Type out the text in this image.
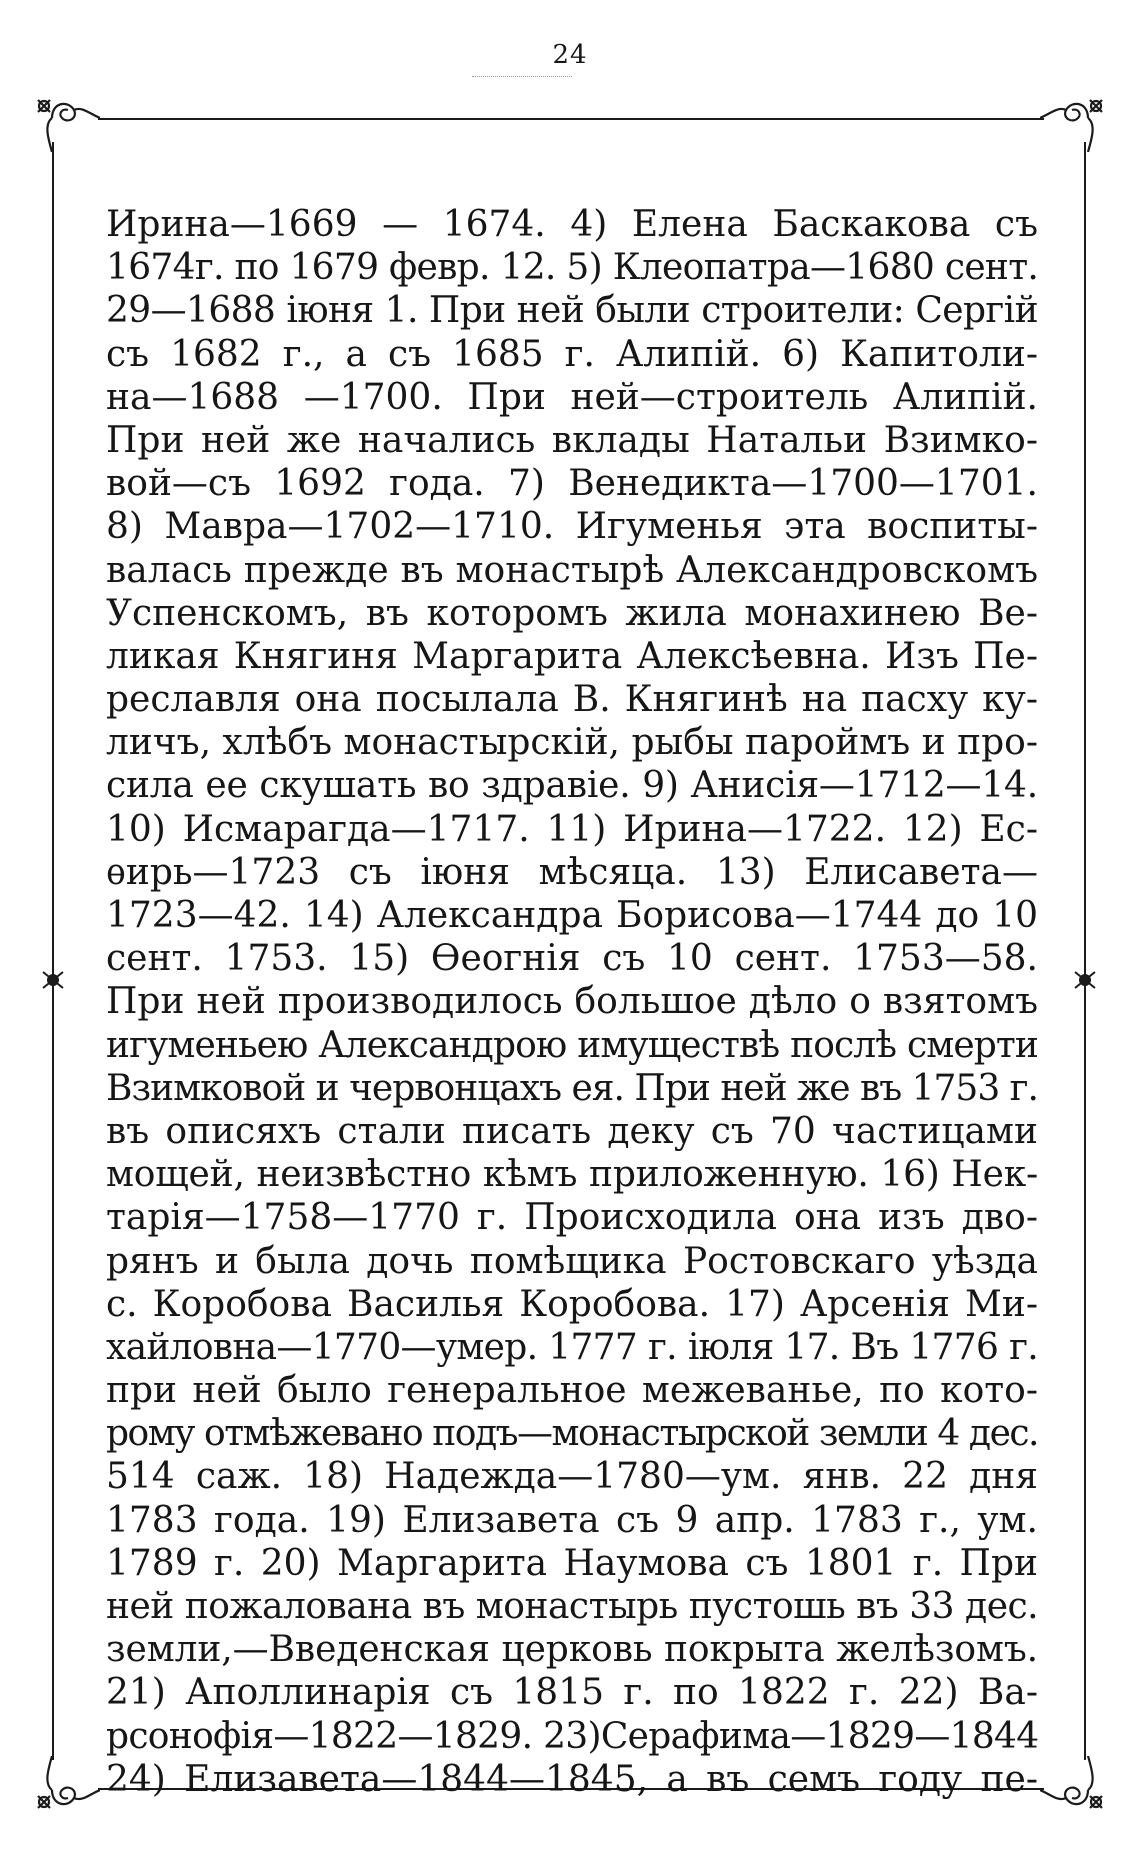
24
Ирина—1669 — 1674. 4) Елена Баскакова съ
1674г. по 1679 февр. 12. 5) Клеопатра—1680 сент.
29—1688 іюня 1. При ней были строители: Сергій
съ 1682 г., а съ 1685 г. Алипій. 6) Капитоли-
на—1688 —1700. При ней—строитель Алипій.
При ней же начались вклады Натальи Взимко-
вой—съ 1692 года. 7) Венедикта—1700—1701.
8) Мавра—1702—1710. Игуменья эта воспиты-
валась прежде въ монастырѣ Александровскомъ
Успенскомъ, въ которомъ жила монахинею Ве-
ликая Княгиня Маргарита Алексѣевна. Изъ Пе-
реславля она посылала В. Княгинѣ на пасху ку-
личъ, хлѣбъ монастырскій, рыбы пароймъ и про-
сила ее скушать во здравіе. 9) Анисія—1712—14.
10) Исмарагда—1717. 11) Ирина—1722. 12) Ес-
ѳирь—1723 съ іюня мѣсяца. 13) Елисавета—
1723—42. 14) Александра Борисова—1744 до 10
сент. 1753. 15) Ѳеогнія съ 10 сент. 1753—58.
При ней производилось большое дѣло о взятомъ
игуменьею Александрою имуществѣ послѣ смерти
Взимковой и червонцахъ ея. При ней же въ 1753 г.
въ описяхъ стали писать деку съ 70 частицами
мощей, неизвѣстно кѣмъ приложенную. 16) Нек-
тарія—1758—1770 г. Происходила она изъ дво-
рянъ и была дочь помѣщика Ростовскаго уѣзда
с. Коробова Василья Коробова. 17) Арсенія Ми-
хайловна—1770—умер. 1777 г. іюля 17. Въ 1776 г.
при ней было генеральное межеванье, по кото-
рому отмѣжевано подъ—монастырской земли 4 дес.
514 саж. 18) Надежда—1780—ум. янв. 22 дня
1783 года. 19) Елизавета съ 9 апр. 1783 г., ум.
1789 г. 20) Маргарита Наумова съ 1801 г. При
ней пожалована въ монастырь пустошь въ 33 дес.
земли,—Введенская церковь покрыта желѣзомъ.
21) Аполлинарія съ 1815 г. по 1822 г. 22) Ва-
рсонофія—1822—1829. 23)Серафима—1829—1844
24) Елизавета—1844—1845, а въ семъ году пе-
